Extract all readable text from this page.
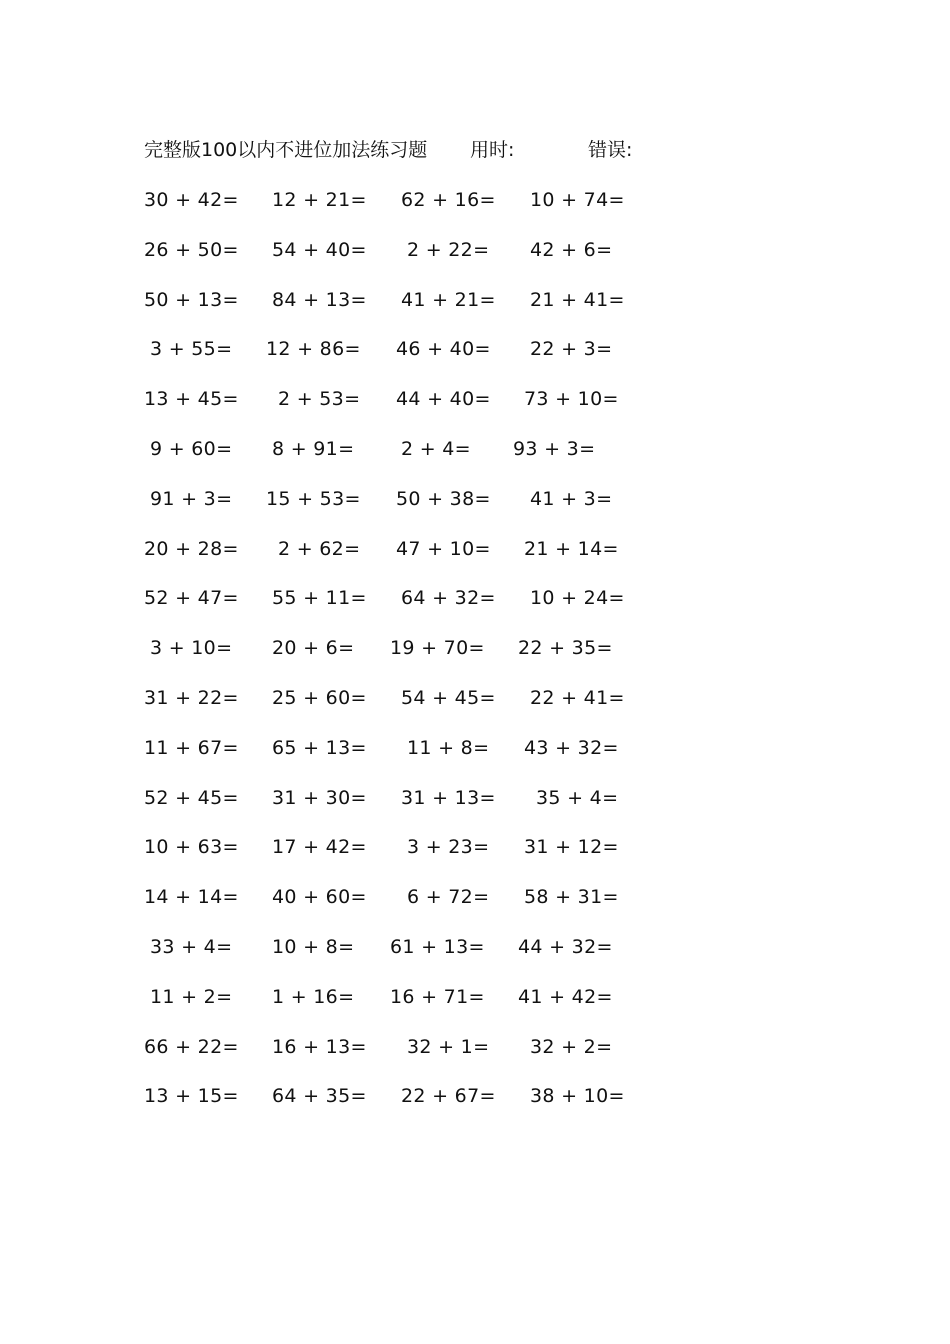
完整版100以内不进位加法练习题 用时:	错误:
30 + 42= 12 + 21= 62 + 16= 10 + 74=
26 + 50= 54 + 40= 2 + 22= 42 + 6=
50 + 13= 84 + 13= 41 + 21= 21 + 41=
3 + 55= 12 + 86= 46 + 40= 22 + 3=
13 + 45= 2 + 53= 44 + 40= 73 + 10=
9 + 60= 8 + 91= 2 + 4= 93 + 3=
91 + 3= 15 + 53= 50 + 38= 41 + 3=
20 + 28= 2 + 62= 47 + 10= 21 + 14=
52 + 47= 55 + 11= 64 + 32= 10 + 24=
3 + 10= 20 + 6= 19 + 70= 22 + 35=
31 + 22= 25 + 60= 54 + 45= 22 + 41=
11 + 67= 65 + 13= 11 + 8= 43 + 32=
52 + 45= 31 + 30= 31 + 13= 35 + 4=
10 + 63= 17 + 42= 3 + 23= 31 + 12=
14 + 14= 40 + 60= 6 + 72= 58 + 31=
33 + 4= 10 + 8= 61 + 13= 44 + 32=
11 + 2= 1 + 16= 16 + 71= 41 + 42=
66 + 22= 16 + 13= 32 + 1= 32 + 2=
13 + 15= 64 + 35= 22 + 67= 38 + 10=
